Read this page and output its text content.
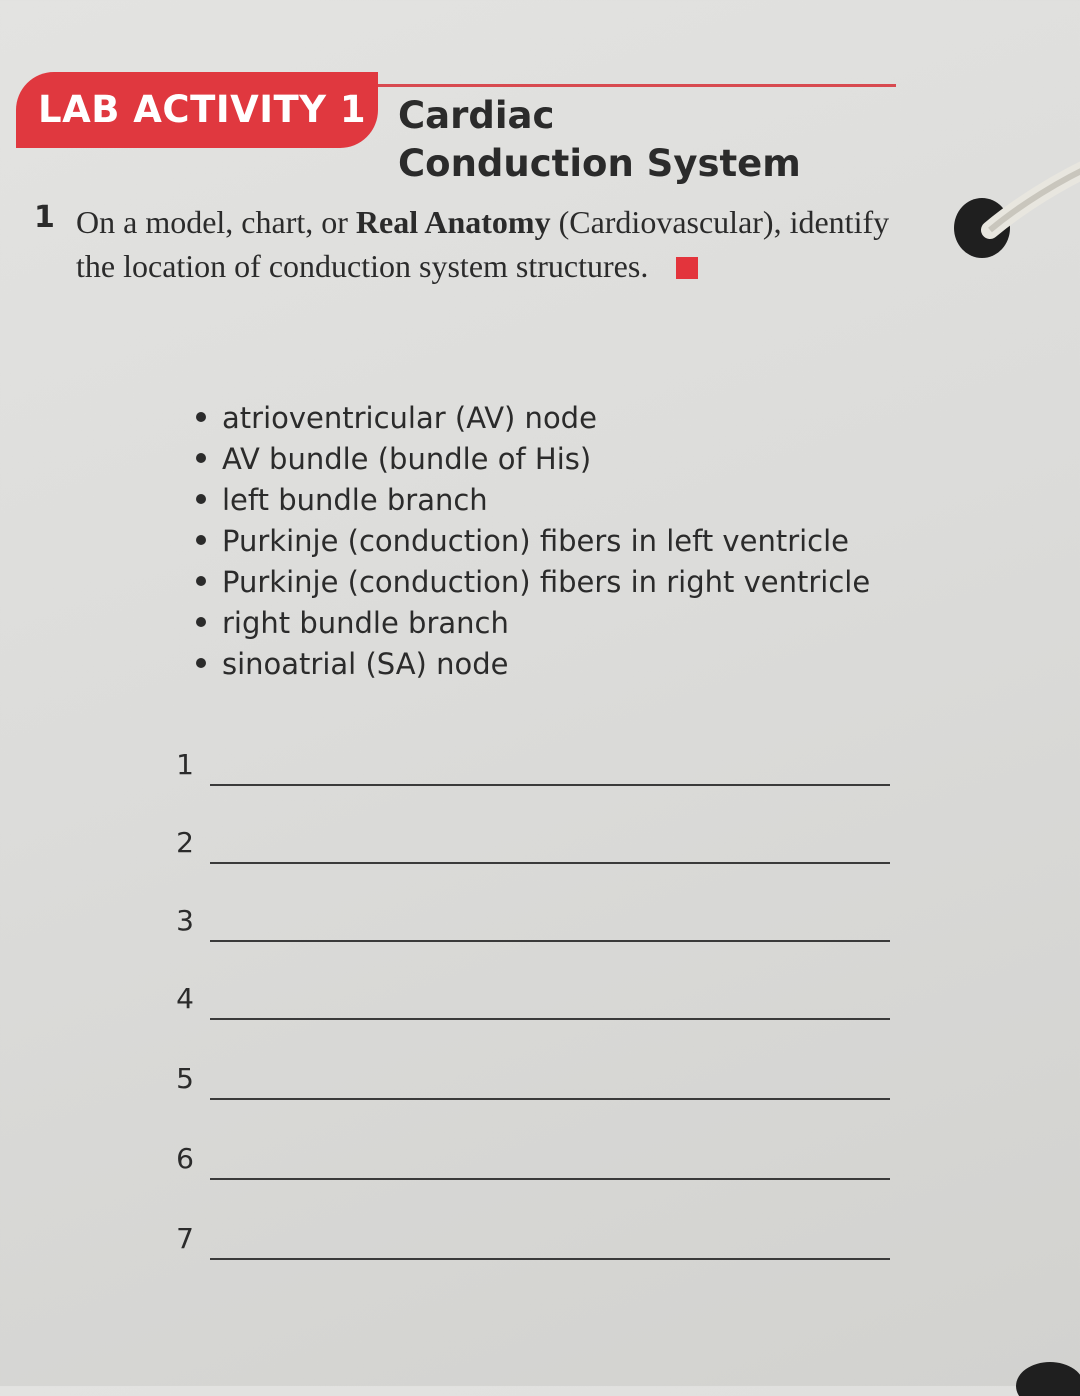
LAB ACTIVITY 1 Cardiac
Conduction System
1 On a model, chart, or Real Anatomy (Cardiovascular), identify the location of conduction system structures.
atrioventricular (AV) node
AV bundle (bundle of His)
left bundle branch
Purkinje (conduction) fibers in left ventricle
Purkinje (conduction) fibers in right ventricle
right bundle branch
sinoatrial (SA) node
1
2
3
4
5
6
7
